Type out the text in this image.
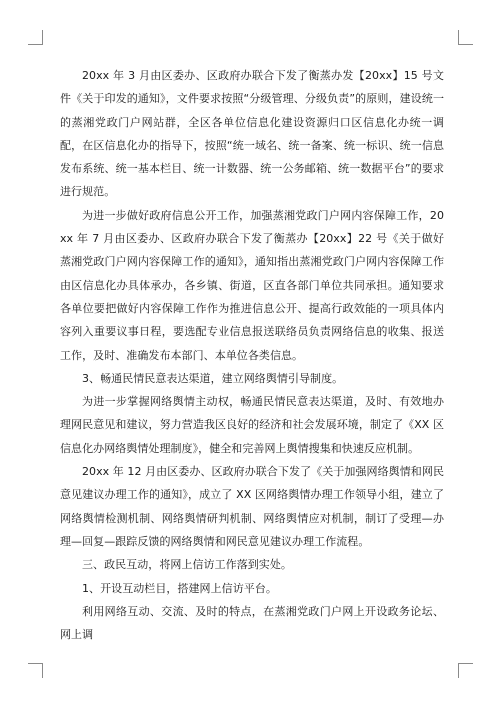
20xx 年 3 月由区委办、区政府办联合下发了衡蒸办发【20xx】15 号文件《关于印发的通知》，文件要求按照“分级管理、分级负责”的原则，建设统一的蒸湘党政门户网站群，全区各单位信息化建设资源归口区信息化办统一调配，在区信息化办的指导下，按照“统一域名、统一备案、统一标识、统一信息发布系统、统一基本栏目、统一计数器、统一公务邮箱、统一数据平台”的要求进行规范。

为进一步做好政府信息公开工作，加强蒸湘党政门户网内容保障工作，20xx 年 7 月由区委办、区政府办联合下发了衡蒸办【20xx】22 号《关于做好蒸湘党政门户网内容保障工作的通知》，通知指出蒸湘党政门户网内容保障工作由区信息化办具体承办，各乡镇、街道，区直各部门单位共同承担。通知要求各单位要把做好内容保障工作作为推进信息公开、提高行政效能的一项具体内容列入重要议事日程，要选配专业信息报送联络员负责网络信息的收集、报送工作，及时、准确发布本部门、本单位各类信息。

3、畅通民情民意表达渠道，建立网络舆情引导制度。

为进一步掌握网络舆情主动权，畅通民情民意表达渠道，及时、有效地办理网民意见和建议，努力营造我区良好的经济和社会发展环境，制定了《XX 区信息化办网络舆情处理制度》，健全和完善网上舆情搜集和快速反应机制。

20xx 年 12 月由区委办、区政府办联合下发了《关于加强网络舆情和网民意见建议办理工作的通知》，成立了 XX 区网络舆情办理工作领导小组，建立了网络舆情检测机制、网络舆情研判机制、网络舆情应对机制，制订了受理—办理—回复—跟踪反馈的网络舆情和网民意见建议办理工作流程。

三、政民互动，将网上信访工作落到实处。

1、开设互动栏目，搭建网上信访平台。

利用网络互动、交流、及时的特点，在蒸湘党政门户网上开设政务论坛、网上调
